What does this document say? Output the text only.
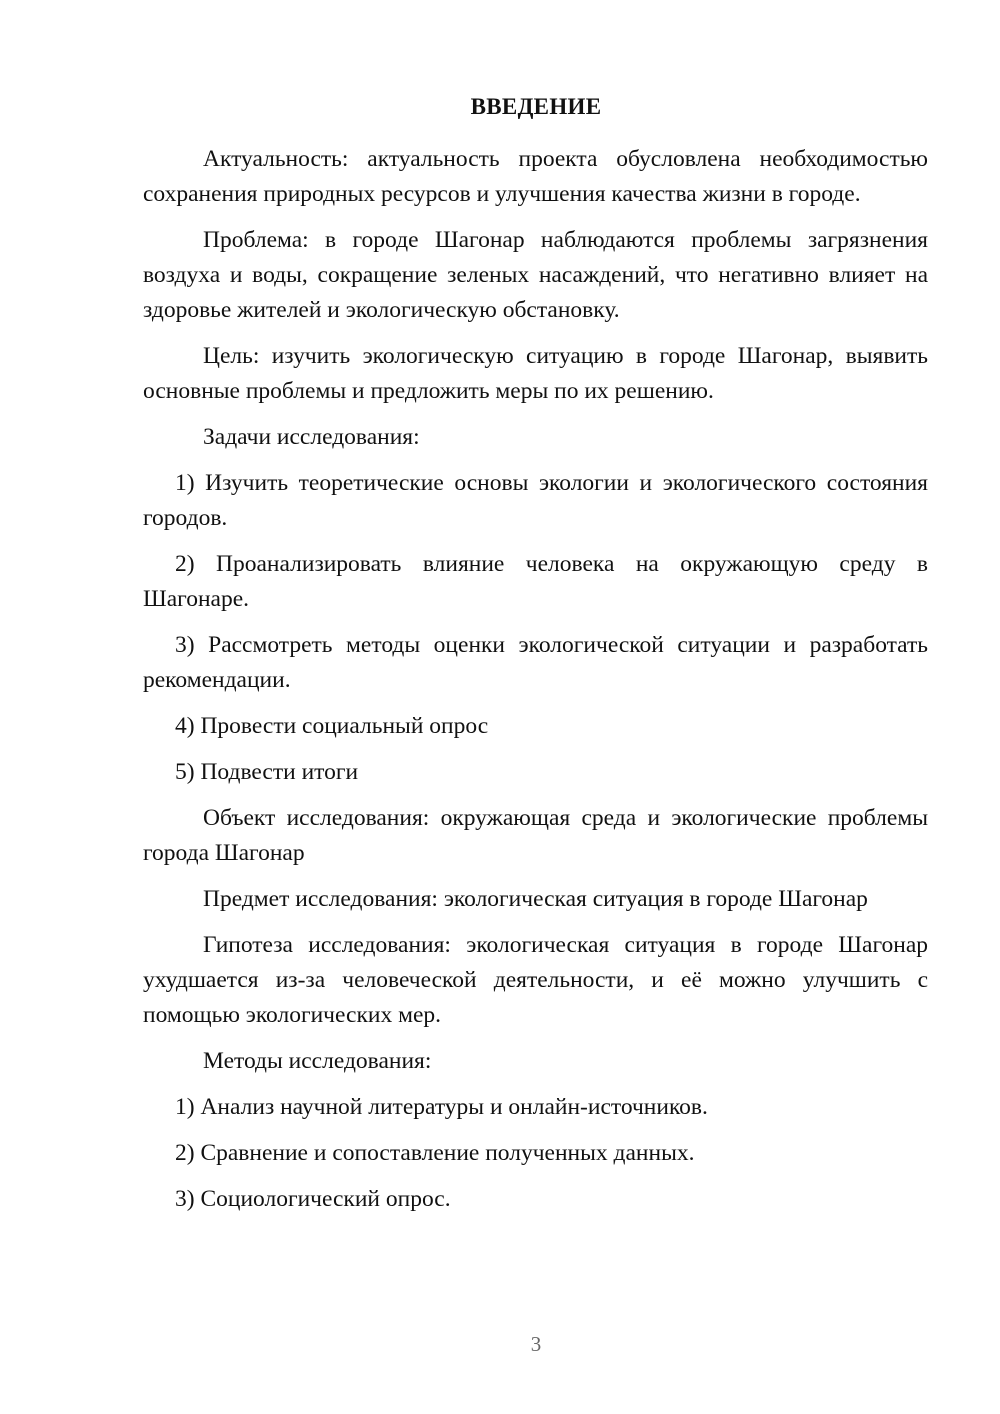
ВВЕДЕНИЕ

Актуальность: актуальность проекта обусловлена необходимостью сохранения природных ресурсов и улучшения качества жизни в городе.

Проблема: в городе Шагонар наблюдаются проблемы загрязнения воздуха и воды, сокращение зеленых насаждений, что негативно влияет на здоровье жителей и экологическую обстановку.

Цель: изучить экологическую ситуацию в городе Шагонар, выявить основные проблемы и предложить меры по их решению.

Задачи исследования:

1) Изучить теоретические основы экологии и экологического состояния городов.

2) Проанализировать влияние человека на окружающую среду в Шагонаре.

3) Рассмотреть методы оценки экологической ситуации и разработать рекомендации.

4) Провести социальный опрос

5) Подвести итоги

Объект исследования: окружающая среда и экологические проблемы города Шагонар

Предмет исследования: экологическая ситуация в городе Шагонар

Гипотеза исследования: экологическая ситуация в городе Шагонар ухудшается из-за человеческой деятельности, и её можно улучшить с помощью экологических мер.

Методы исследования:

1) Анализ научной литературы и онлайн-источников.

2) Сравнение и сопоставление полученных данных.

3) Социологический опрос.

3
